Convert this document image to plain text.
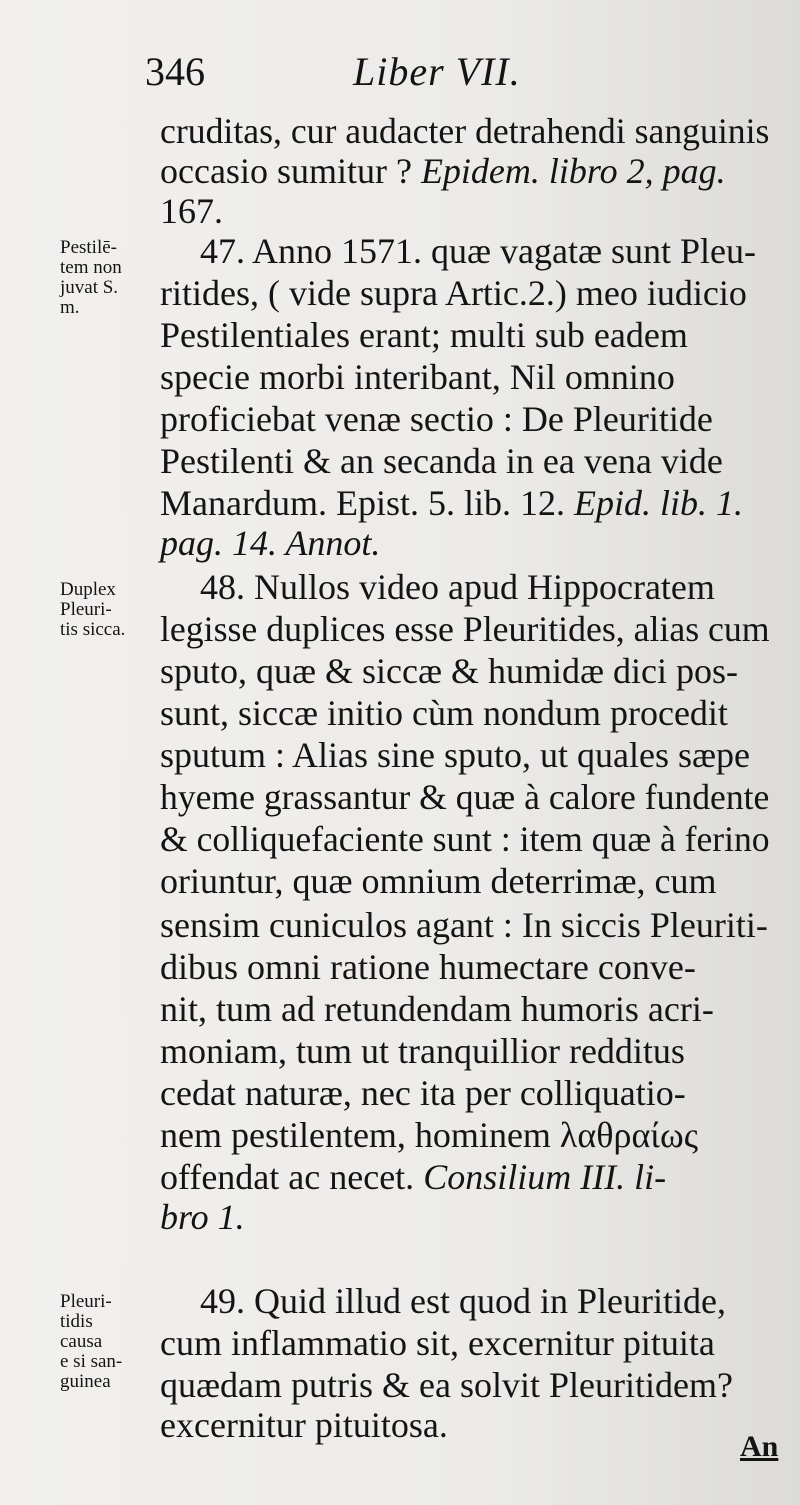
346	Liber VII.
cruditas, cur audacter detrahendi sanguinis
occasio sumitur ? Epidem. libro 2, pag.
167.
47. Anno 1571. quæ vagatæ sunt Pleu-
ritides, ( vide supra Artic.2.) meo iudicio
Pestilentiales erant; multi sub eadem
specie morbi interibant, Nil omnino
proficiebat venæ sectio : De Pleuritide
Pestilenti & an secanda in ea vena vide
Manardum. Epist. 5. lib. 12. Epid. lib. 1.
pag. 14. Annot.
48. Nullos video apud Hippocratem
legisse duplices esse Pleuritides, alias cum
sputo, quæ & siccæ & humidæ dici pos-
sunt, siccæ initio cùm nondum procedit
sputum : Alias sine sputo, ut quales sæpe
hyeme grassantur & quæ à calore fundente
& colliquefaciente sunt : item quæ à ferino
oriuntur, quæ omnium deterrimæ, cum
sensim cuniculos agant : In siccis Pleuriti-
dibus omni ratione humectare conve-
nit, tum ad retundendam humoris acri-
moniam, tum ut tranquillior redditus
cedat naturæ, nec ita per colliquatio-
nem pestilentem, hominem λαθραίως
offendat ac necet. Consilium III. li-
bro 1.
49. Quid illud est quod in Pleuritide,
cum inflammatio sit, excernitur pituita
quædam putris & ea solvit Pleuritidem?
excernitur pituitosa.
Pestilē-
tem non
juvat S.
m.
Duplex
Pleuri-
tis sicca.
Pleuri-
tidis
causa
e si san-
guinea
An
